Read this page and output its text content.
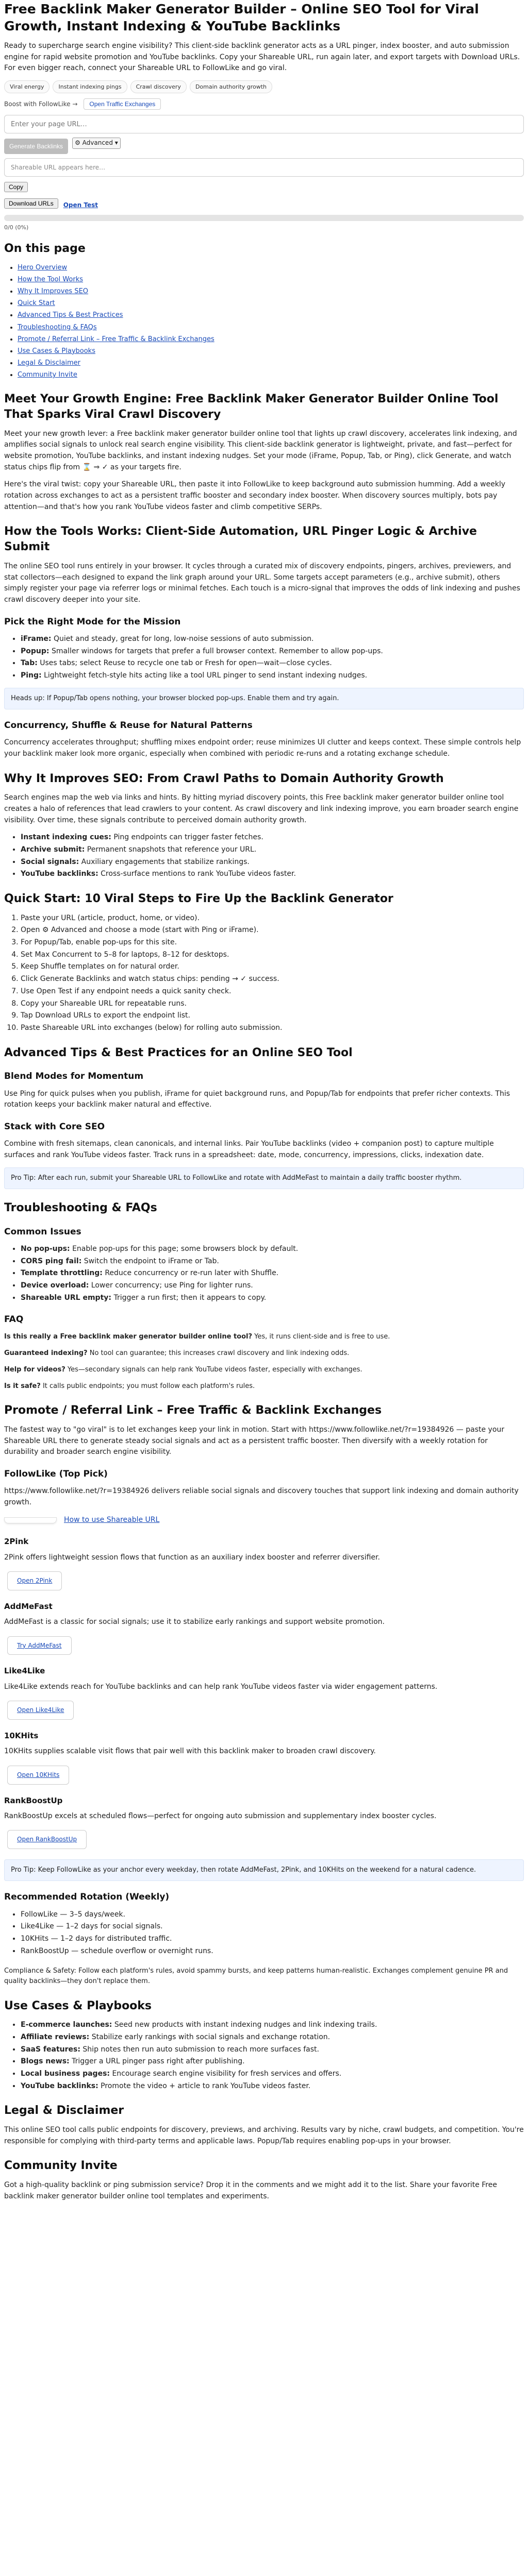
Free Backlink Maker Generator Builder – Online SEO Tool for Viral Growth, Instant Indexing & YouTube Backlinks

Ready to supercharge search engine visibility? This client-side backlink generator acts as a URL pinger, index booster, and auto submission engine for rapid website promotion and YouTube backlinks. Copy your Shareable URL, run again later, and export targets with Download URLs. For even bigger reach, connect your Shareable URL to FollowLike and go viral.

Viral energy	Instant indexing pings	Crawl discovery	Domain authority growth
Boost with FollowLike →	Open Traffic Exchanges
Enter your page URL…
Generate Backlinks	⚙ Advanced ▾
Shareable URL appears here…
Copy
Download URLs	Open Test
0/0 (0%)
On this page
• Hero Overview
• How the Tool Works
• Why It Improves SEO
• Quick Start
• Advanced Tips & Best Practices
• Troubleshooting & FAQs
• Promote / Referral Link – Free Traffic & Backlink Exchanges
• Use Cases & Playbooks
• Legal & Disclaimer
• Community Invite
Meet Your Growth Engine: Free Backlink Maker Generator Builder Online Tool That Sparks Viral Crawl Discovery

Meet your new growth lever: a Free backlink maker generator builder online tool that lights up crawl discovery, accelerates link indexing, and amplifies social signals to unlock real search engine visibility. This client-side backlink generator is lightweight, private, and fast—perfect for website promotion, YouTube backlinks, and instant indexing nudges. Set your mode (iFrame, Popup, Tab, or Ping), click Generate, and watch status chips flip from ⌛ ⇒ ✓ as your targets fire.

Here's the viral twist: copy your Shareable URL, then paste it into FollowLike to keep background auto submission humming. Add a weekly rotation across exchanges to act as a persistent traffic booster and secondary index booster. When discovery sources multiply, bots pay attention—and that's how you rank YouTube videos faster and climb competitive SERPs.

How the Tools Works: Client-Side Automation, URL Pinger Logic & Archive Submit

The online SEO tool runs entirely in your browser. It cycles through a curated mix of discovery endpoints, pingers, archives, previewers, and stat collectors—each designed to expand the link graph around your URL. Some targets accept parameters (e.g., archive submit), others simply register your page via referrer logs or minimal fetches. Each touch is a micro-signal that improves the odds of link indexing and pushes crawl discovery deeper into your site.

Pick the Right Mode for the Mission
• iFrame: Quiet and steady, great for long, low-noise sessions of auto submission.
• Popup: Smaller windows for targets that prefer a full browser context. Remember to allow pop-ups.
• Tab: Uses tabs; select Reuse to recycle one tab or Fresh for open—wait—close cycles.
• Ping: Lightweight fetch-style hits acting like a tool URL pinger to send instant indexing nudges.
Heads up: If Popup/Tab opens nothing, your browser blocked pop-ups. Enable them and try again.
Concurrency, Shuffle & Reuse for Natural Patterns

Concurrency accelerates throughput; shuffling mixes endpoint order; reuse minimizes UI clutter and keeps context. These simple controls help your backlink maker look more organic, especially when combined with periodic re-runs and a rotating exchange schedule.

Why It Improves SEO: From Crawl Paths to Domain Authority Growth

Search engines map the web via links and hints. By hitting myriad discovery points, this Free backlink maker generator builder online tool creates a halo of references that lead crawlers to your content. As crawl discovery and link indexing improve, you earn broader search engine visibility. Over time, these signals contribute to perceived domain authority growth.

• Instant indexing cues: Ping endpoints can trigger faster fetches.
• Archive submit: Permanent snapshots that reference your URL.
• Social signals: Auxiliary engagements that stabilize rankings.
• YouTube backlinks: Cross-surface mentions to rank YouTube videos faster.
Quick Start: 10 Viral Steps to Fire Up the Backlink Generator
1. Paste your URL (article, product, home, or video).
2. Open ⚙ Advanced and choose a mode (start with Ping or iFrame).
3. For Popup/Tab, enable pop-ups for this site.
4. Set Max Concurrent to 5–8 for laptops, 8–12 for desktops.
5. Keep Shuffle templates on for natural order.
6. Click Generate Backlinks and watch status chips: pending → ✓ success.
7. Use Open Test if any endpoint needs a quick sanity check.
8. Copy your Shareable URL for repeatable runs.
9. Tap Download URLs to export the endpoint list.
10. Paste Shareable URL into exchanges (below) for rolling auto submission.
Advanced Tips & Best Practices for an Online SEO Tool
Blend Modes for Momentum

Use Ping for quick pulses when you publish, iFrame for quiet background runs, and Popup/Tab for endpoints that prefer richer contexts. This rotation keeps your backlink maker natural and effective.

Stack with Core SEO

Combine with fresh sitemaps, clean canonicals, and internal links. Pair YouTube backlinks (video + companion post) to capture multiple surfaces and rank YouTube videos faster. Track runs in a spreadsheet: date, mode, concurrency, impressions, clicks, indexation date.

Pro Tip: After each run, submit your Shareable URL to FollowLike and rotate with AddMeFast to maintain a daily traffic booster rhythm.
Troubleshooting & FAQs
Common Issues
• No pop-ups: Enable pop-ups for this page; some browsers block by default.
• CORS ping fail: Switch the endpoint to iFrame or Tab.
• Template throttling: Reduce concurrency or re-run later with Shuffle.
• Device overload: Lower concurrency; use Ping for lighter runs.
• Shareable URL empty: Trigger a run first; then it appears to copy.
FAQ

Is this really a Free backlink maker generator builder online tool? Yes, it runs client-side and is free to use.

Guaranteed indexing? No tool can guarantee; this increases crawl discovery and link indexing odds.

Help for videos? Yes—secondary signals can help rank YouTube videos faster, especially with exchanges.

Is it safe? It calls public endpoints; you must follow each platform's rules.

Promote / Referral Link – Free Traffic & Backlink Exchanges

The fastest way to "go viral" is to let exchanges keep your link in motion. Start with https://www.followlike.net/?r=19384926 — paste your Shareable URL there to generate steady social signals and act as a persistent traffic booster. Then diversify with a weekly rotation for durability and broader search engine visibility.

FollowLike (Top Pick)

https://www.followlike.net/?r=19384926 delivers reliable social signals and discovery touches that support link indexing and domain authority growth.

How to use Shareable URL
2Pink

2Pink offers lightweight session flows that function as an auxiliary index booster and referrer diversifier.

Open 2Pink
AddMeFast

AddMeFast is a classic for social signals; use it to stabilize early rankings and support website promotion.

Try AddMeFast
Like4Like

Like4Like extends reach for YouTube backlinks and can help rank YouTube videos faster via wider engagement patterns.

Open Like4Like
10KHits

10KHits supplies scalable visit flows that pair well with this backlink maker to broaden crawl discovery.

Open 10KHits
RankBoostUp

RankBoostUp excels at scheduled flows—perfect for ongoing auto submission and supplementary index booster cycles.

Open RankBoostUp
Pro Tip: Keep FollowLike as your anchor every weekday, then rotate AddMeFast, 2Pink, and 10KHits on the weekend for a natural cadence.
Recommended Rotation (Weekly)
• FollowLike — 3–5 days/week.
• Like4Like — 1–2 days for social signals.
• 10KHits — 1–2 days for distributed traffic.
• RankBoostUp — schedule overflow or overnight runs.

Compliance & Safety: Follow each platform's rules, avoid spammy bursts, and keep patterns human-realistic. Exchanges complement genuine PR and quality backlinks—they don't replace them.

Use Cases & Playbooks
• E-commerce launches: Seed new products with instant indexing nudges and link indexing trails.
• Affiliate reviews: Stabilize early rankings with social signals and exchange rotation.
• SaaS features: Ship notes then run auto submission to reach more surfaces fast.
• Blogs news: Trigger a URL pinger pass right after publishing.
• Local business pages: Encourage search engine visibility for fresh services and offers.
• YouTube backlinks: Promote the video + article to rank YouTube videos faster.
Legal & Disclaimer

This online SEO tool calls public endpoints for discovery, previews, and archiving. Results vary by niche, crawl budgets, and competition. You're responsible for complying with third-party terms and applicable laws. Popup/Tab requires enabling pop-ups in your browser.

Community Invite

Got a high-quality backlink or ping submission service? Drop it in the comments and we might add it to the list. Share your favorite Free backlink maker generator builder online tool templates and experiments.
